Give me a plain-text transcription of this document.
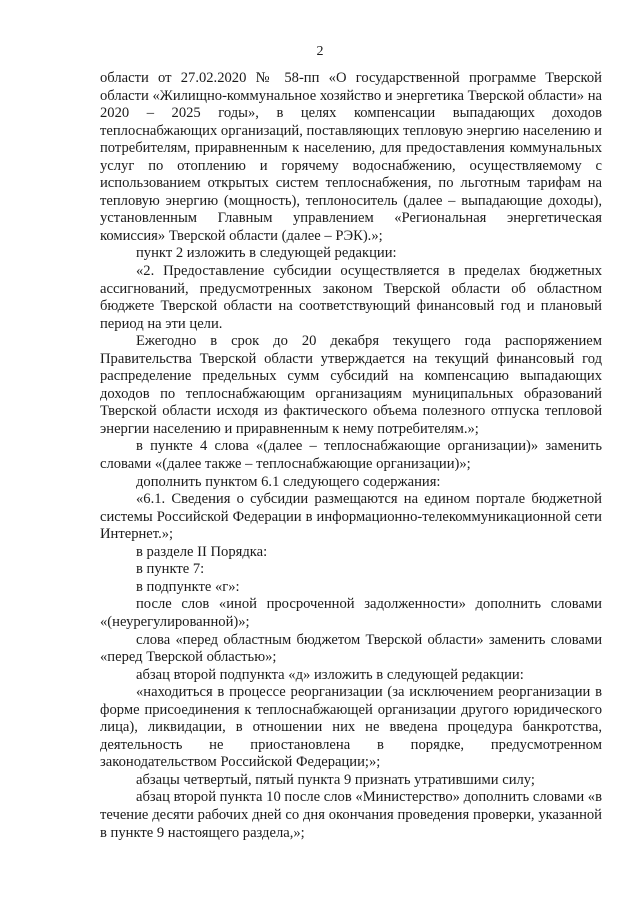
2

области от 27.02.2020 № 58-пп «О государственной программе Тверской области «Жилищно-коммунальное хозяйство и энергетика Тверской области» на 2020 – 2025 годы», в целях компенсации выпадающих доходов теплоснабжающих организаций, поставляющих тепловую энергию населению и потребителям, приравненным к населению, для предоставления коммунальных услуг по отоплению и горячему водоснабжению, осуществляемому с использованием открытых систем теплоснабжения, по льготным тарифам на тепловую энергию (мощность), теплоноситель (далее – выпадающие доходы), установленным Главным управлением «Региональная энергетическая комиссия» Тверской области (далее – РЭК).»;

пункт 2 изложить в следующей редакции:

«2. Предоставление субсидии осуществляется в пределах бюджетных ассигнований, предусмотренных законом Тверской области об областном бюджете Тверской области на соответствующий финансовый год и плановый период на эти цели.

Ежегодно в срок до 20 декабря текущего года распоряжением Правительства Тверской области утверждается на текущий финансовый год распределение предельных сумм субсидий на компенсацию выпадающих доходов по теплоснабжающим организациям муниципальных образований Тверской области исходя из фактического объема полезного отпуска тепловой энергии населению и приравненным к нему потребителям.»;

в пункте 4 слова «(далее – теплоснабжающие организации)» заменить словами «(далее также – теплоснабжающие организации)»;

дополнить пунктом 6.1 следующего содержания:

«6.1. Сведения о субсидии размещаются на едином портале бюджетной системы Российской Федерации в информационно-телекоммуникационной сети Интернет.»;

в разделе II Порядка:

в пункте 7:

в подпункте «г»:

после слов «иной просроченной задолженности» дополнить словами «(неурегулированной)»;

слова «перед областным бюджетом Тверской области» заменить словами «перед Тверской областью»;

абзац второй подпункта «д» изложить в следующей редакции:

«находиться в процессе реорганизации (за исключением реорганизации в форме присоединения к теплоснабжающей организации другого юридического лица), ликвидации, в отношении них не введена процедура банкротства, деятельность не приостановлена в порядке, предусмотренном законодательством Российской Федерации;»;

абзацы четвертый, пятый пункта 9 признать утратившими силу;

абзац второй пункта 10 после слов «Министерство» дополнить словами «в течение десяти рабочих дней со дня окончания проведения проверки, указанной в пункте 9 настоящего раздела,»;
